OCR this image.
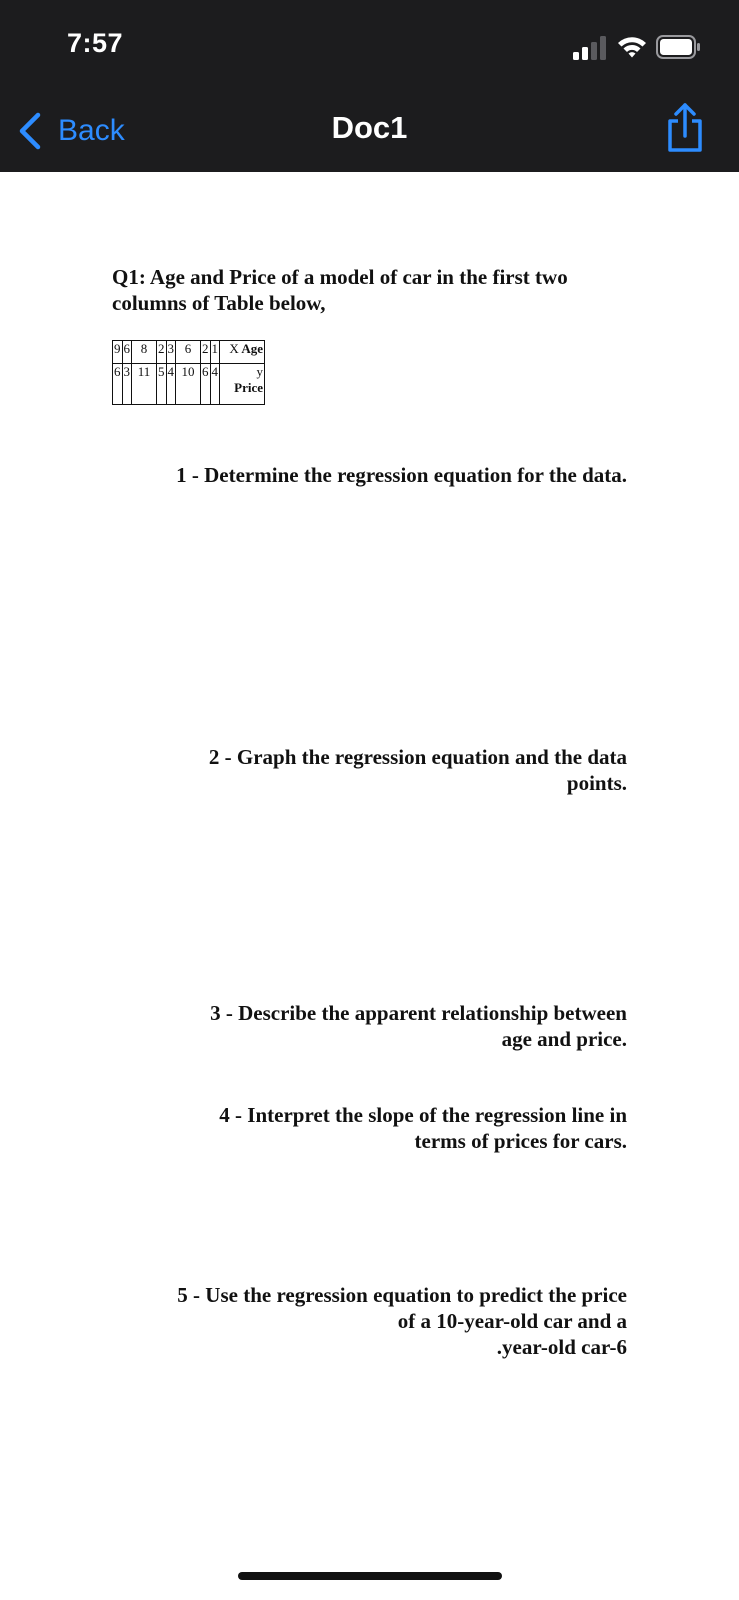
7:57
Back	Doc1
Q1: Age and Price of a model of car in the first two
columns of Table below,
9	6	8	2	3	6	2	1	X Age
6	3	11	5	4	10	6	4	y
Price
1 - Determine the regression equation for the data.
2 - Graph the regression equation and the data
points.
3 - Describe the apparent relationship between
age and price.
4 - Interpret the slope of the regression line in
terms of prices for cars.
5 - Use the regression equation to predict the price
of a 10-year-old car and a
.year-old car-6
